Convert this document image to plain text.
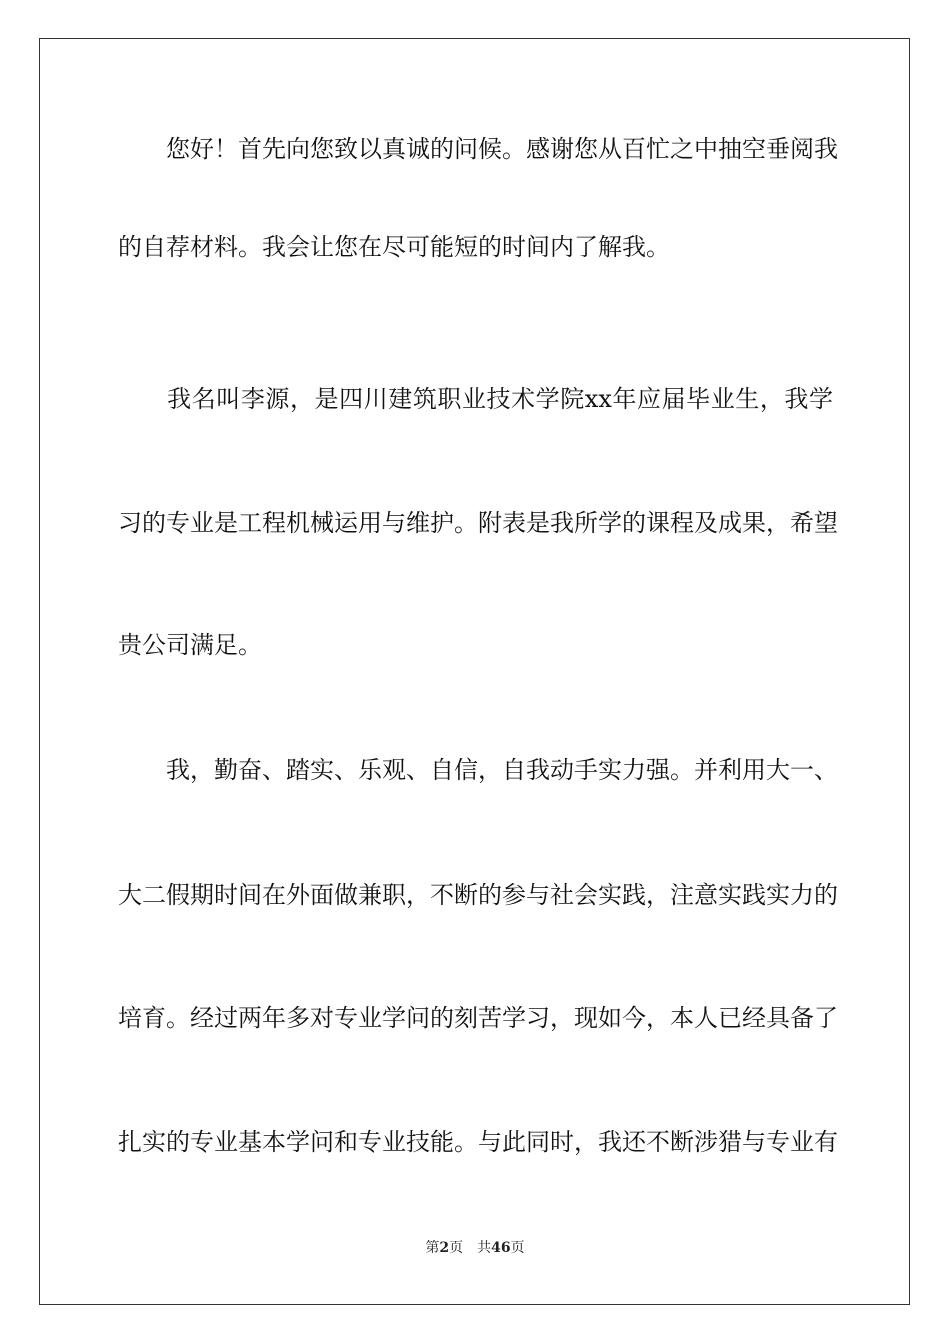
　　您好！首先向您致以真诚的问候。感谢您从百忙之中抽空垂阅我
的自荐材料。我会让您在尽可能短的时间内了解我。
　　我名叫李源，是四川建筑职业技术学院xx年应届毕业生，我学
习的专业是工程机械运用与维护。附表是我所学的课程及成果，希望
贵公司满足。
　　我，勤奋、踏实、乐观、自信，自我动手实力强。并利用大一、
大二假期时间在外面做兼职，不断的参与社会实践，注意实践实力的
培育。经过两年多对专业学问的刻苦学习，现如今，本人已经具备了
扎实的专业基本学问和专业技能。与此同时，我还不断涉猎与专业有
第2页 共46页
